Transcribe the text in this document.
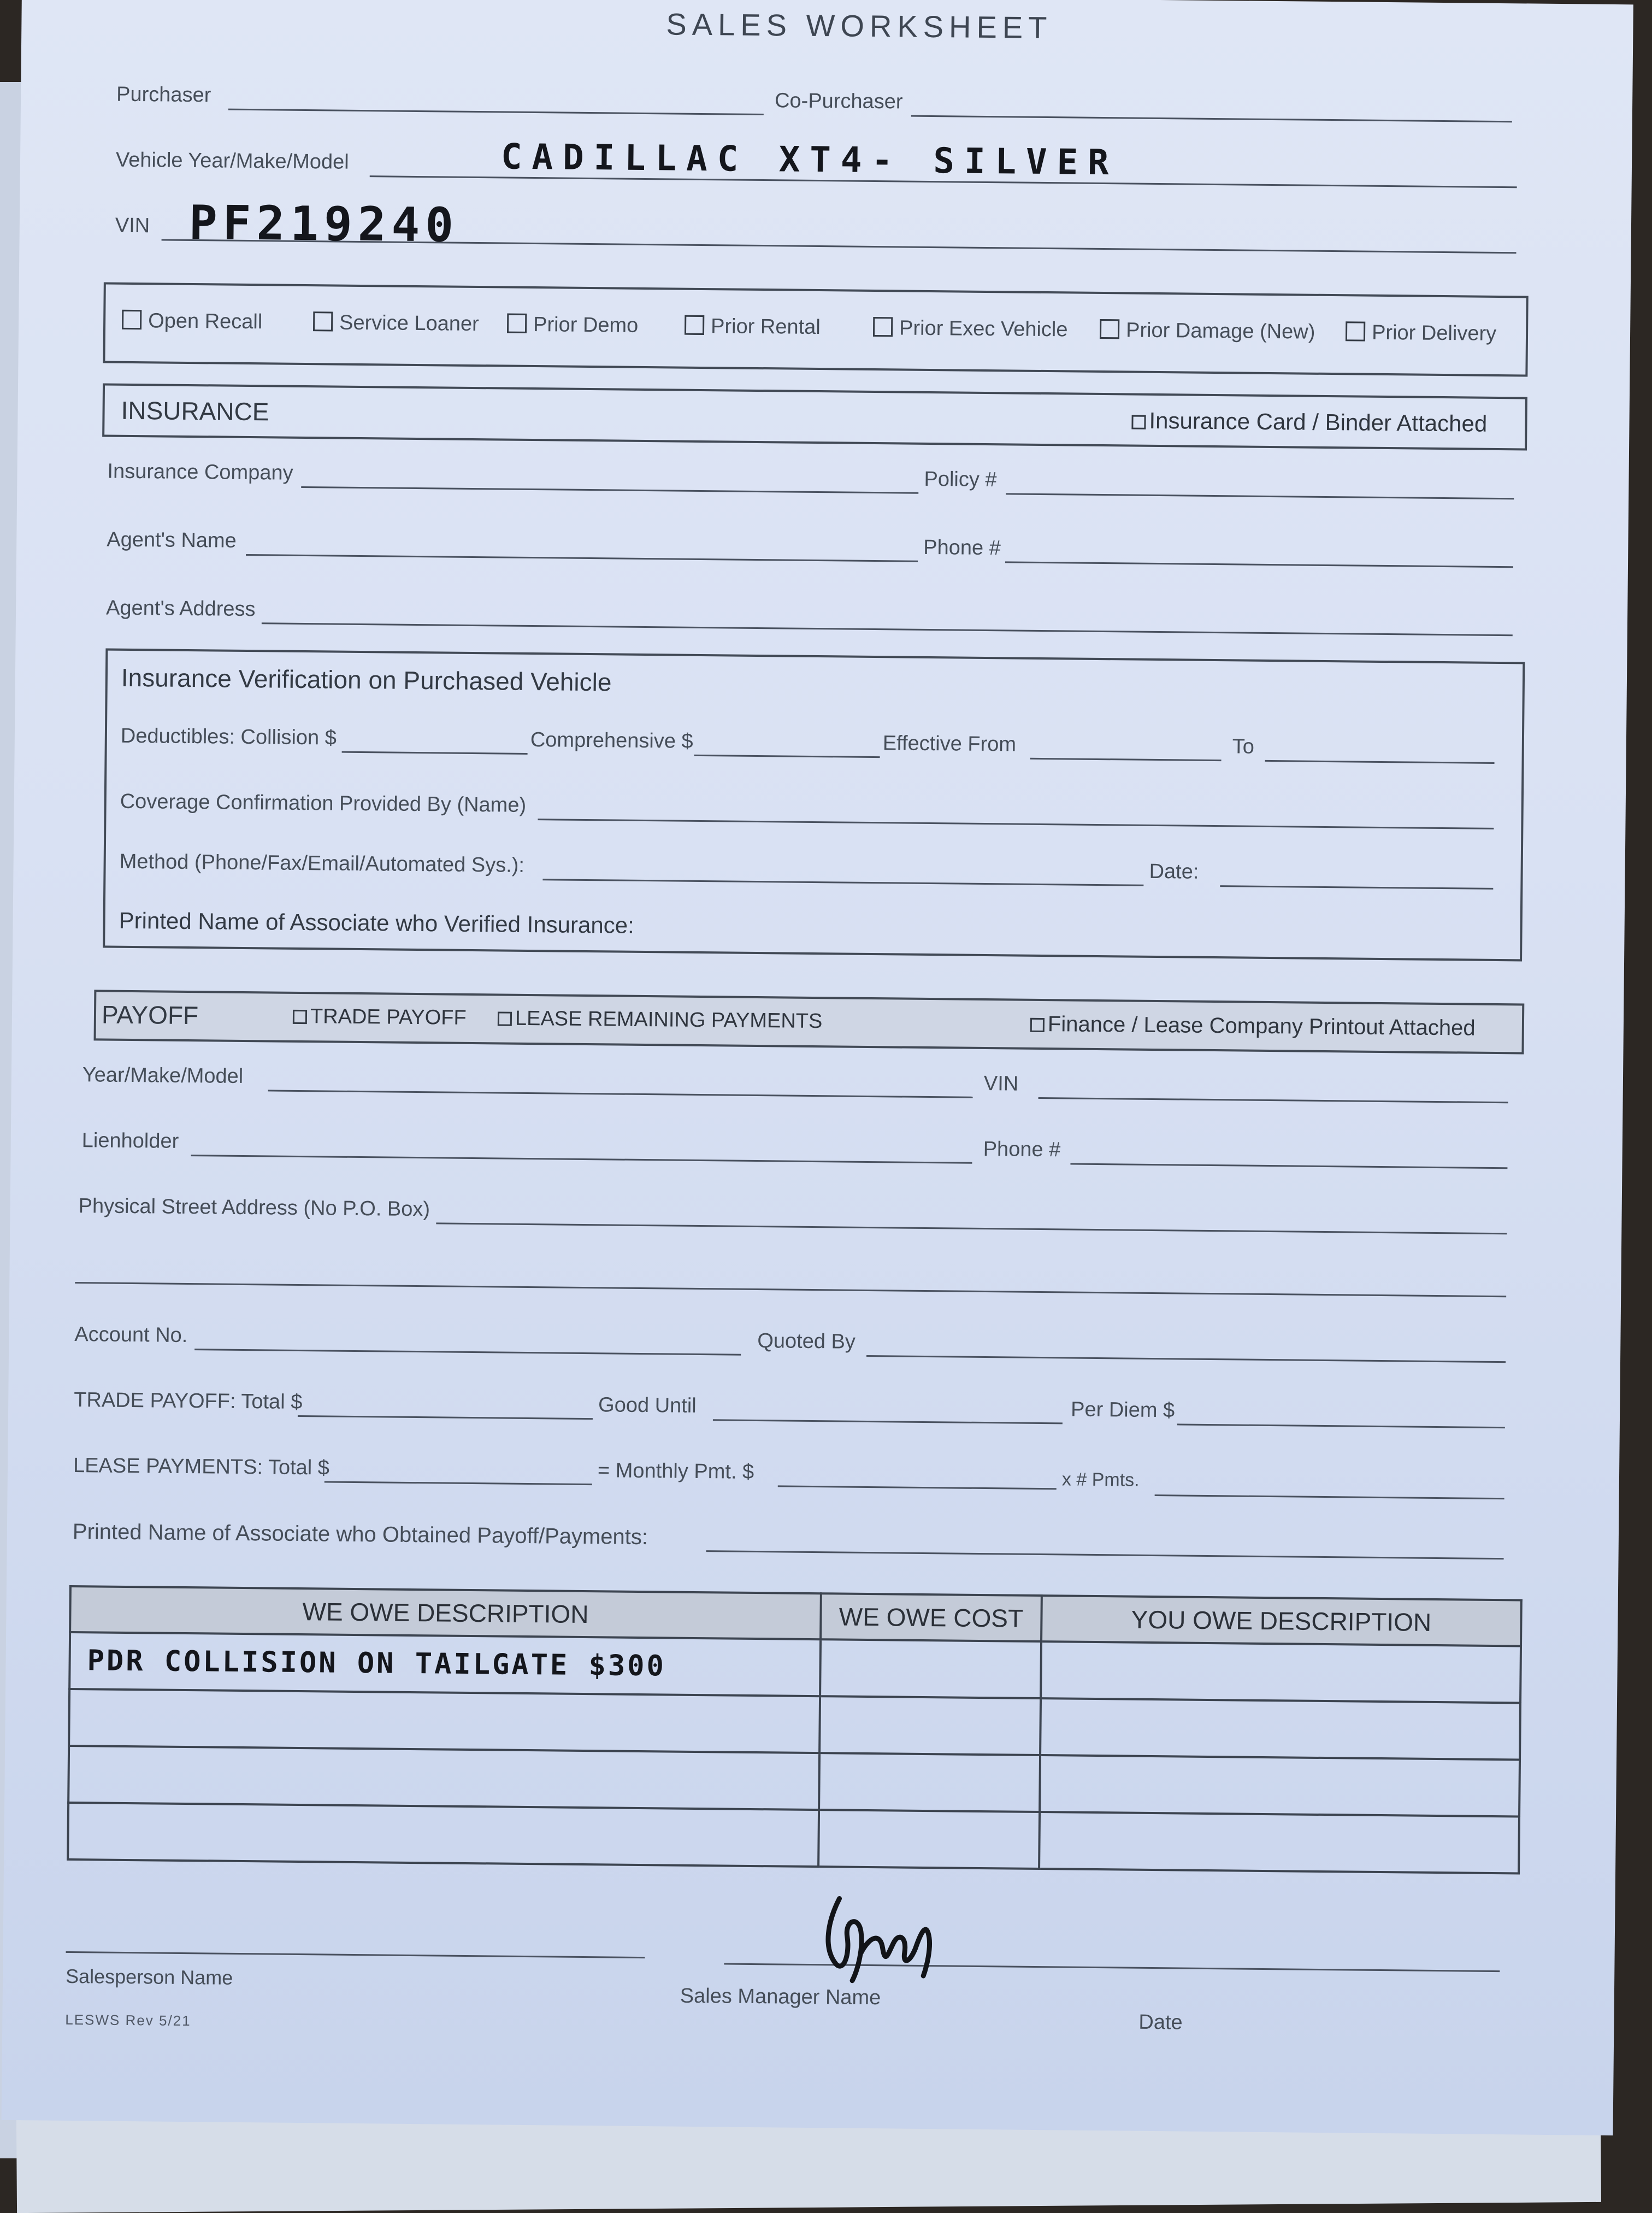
SALES WORKSHEET
Purchaser	Co-Purchaser
Vehicle Year/Make/Model	CADILLAC XT4- SILVER
VIN PF219240
Open Recall	Service Loaner	Prior Demo	Prior Rental	Prior Exec Vehicle	Prior Damage (New)	Prior Delivery
INSURANCE	Insurance Card / Binder Attached
Insurance Company	Policy #
Agent's Name	Phone #
Agent's Address
Insurance Verification on Purchased Vehicle
Deductibles: Collision $	Comprehensive $	Effective From	To
Coverage Confirmation Provided By (Name)
Method (Phone/Fax/Email/Automated Sys.):	Date:
Printed Name of Associate who Verified Insurance:
PAYOFF	TRADE PAYOFF	LEASE REMAINING PAYMENTS	Finance / Lease Company Printout Attached
Year/Make/Model	VIN
Lienholder	Phone #
Physical Street Address (No P.O. Box)
Account No.	Quoted By
TRADE PAYOFF: Total $	Good Until	Per Diem $
LEASE PAYMENTS: Total $	= Monthly Pmt. $	x # Pmts.
Printed Name of Associate who Obtained Payoff/Payments:
WE OWE DESCRIPTION	WE OWE COST	YOU OWE DESCRIPTION
PDR COLLISION ON TAILGATE $300		

Salesperson Name
Sales Manager Name
Date
LESWS Rev 5/21
